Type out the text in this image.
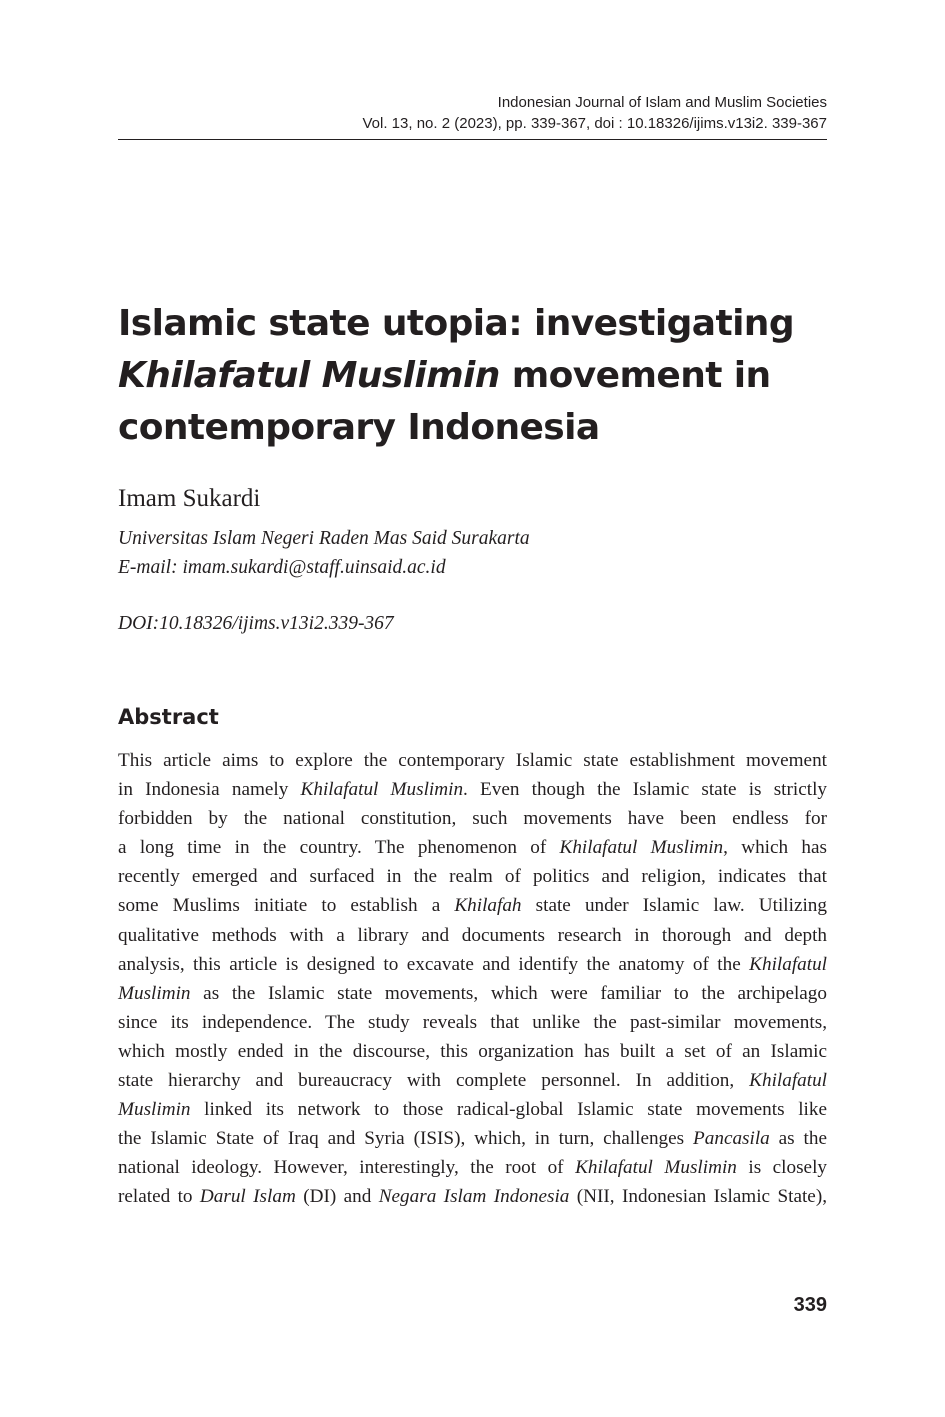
Indonesian Journal of Islam and Muslim Societies
Vol. 13, no. 2 (2023), pp. 339-367, doi : 10.18326/ijims.v13i2. 339-367
Islamic state utopia: investigating
Khilafatul Muslimin movement in
contemporary Indonesia
Imam Sukardi
Universitas Islam Negeri Raden Mas Said Surakarta
E-mail: imam.sukardi@staff.uinsaid.ac.id
DOI:10.18326/ijims.v13i2.339-367
Abstract
This article aims to explore the contemporary Islamic state establishment movement
in Indonesia namely Khilafatul Muslimin. Even though the Islamic state is strictly
forbidden by the national constitution, such movements have been endless for
a long time in the country. The phenomenon of Khilafatul Muslimin, which has
recently emerged and surfaced in the realm of politics and religion, indicates that
some Muslims initiate to establish a Khilafah state under Islamic law. Utilizing
qualitative methods with a library and documents research in thorough and depth
analysis, this article is designed to excavate and identify the anatomy of the Khilafatul
Muslimin as the Islamic state movements, which were familiar to the archipelago
since its independence. The study reveals that unlike the past-similar movements,
which mostly ended in the discourse, this organization has built a set of an Islamic
state hierarchy and bureaucracy with complete personnel. In addition, Khilafatul
Muslimin linked its network to those radical-global Islamic state movements like
the Islamic State of Iraq and Syria (ISIS), which, in turn, challenges Pancasila as the
national ideology. However, interestingly, the root of Khilafatul Muslimin is closely
related to Darul Islam (DI) and Negara Islam Indonesia (NII, Indonesian Islamic State),
339
